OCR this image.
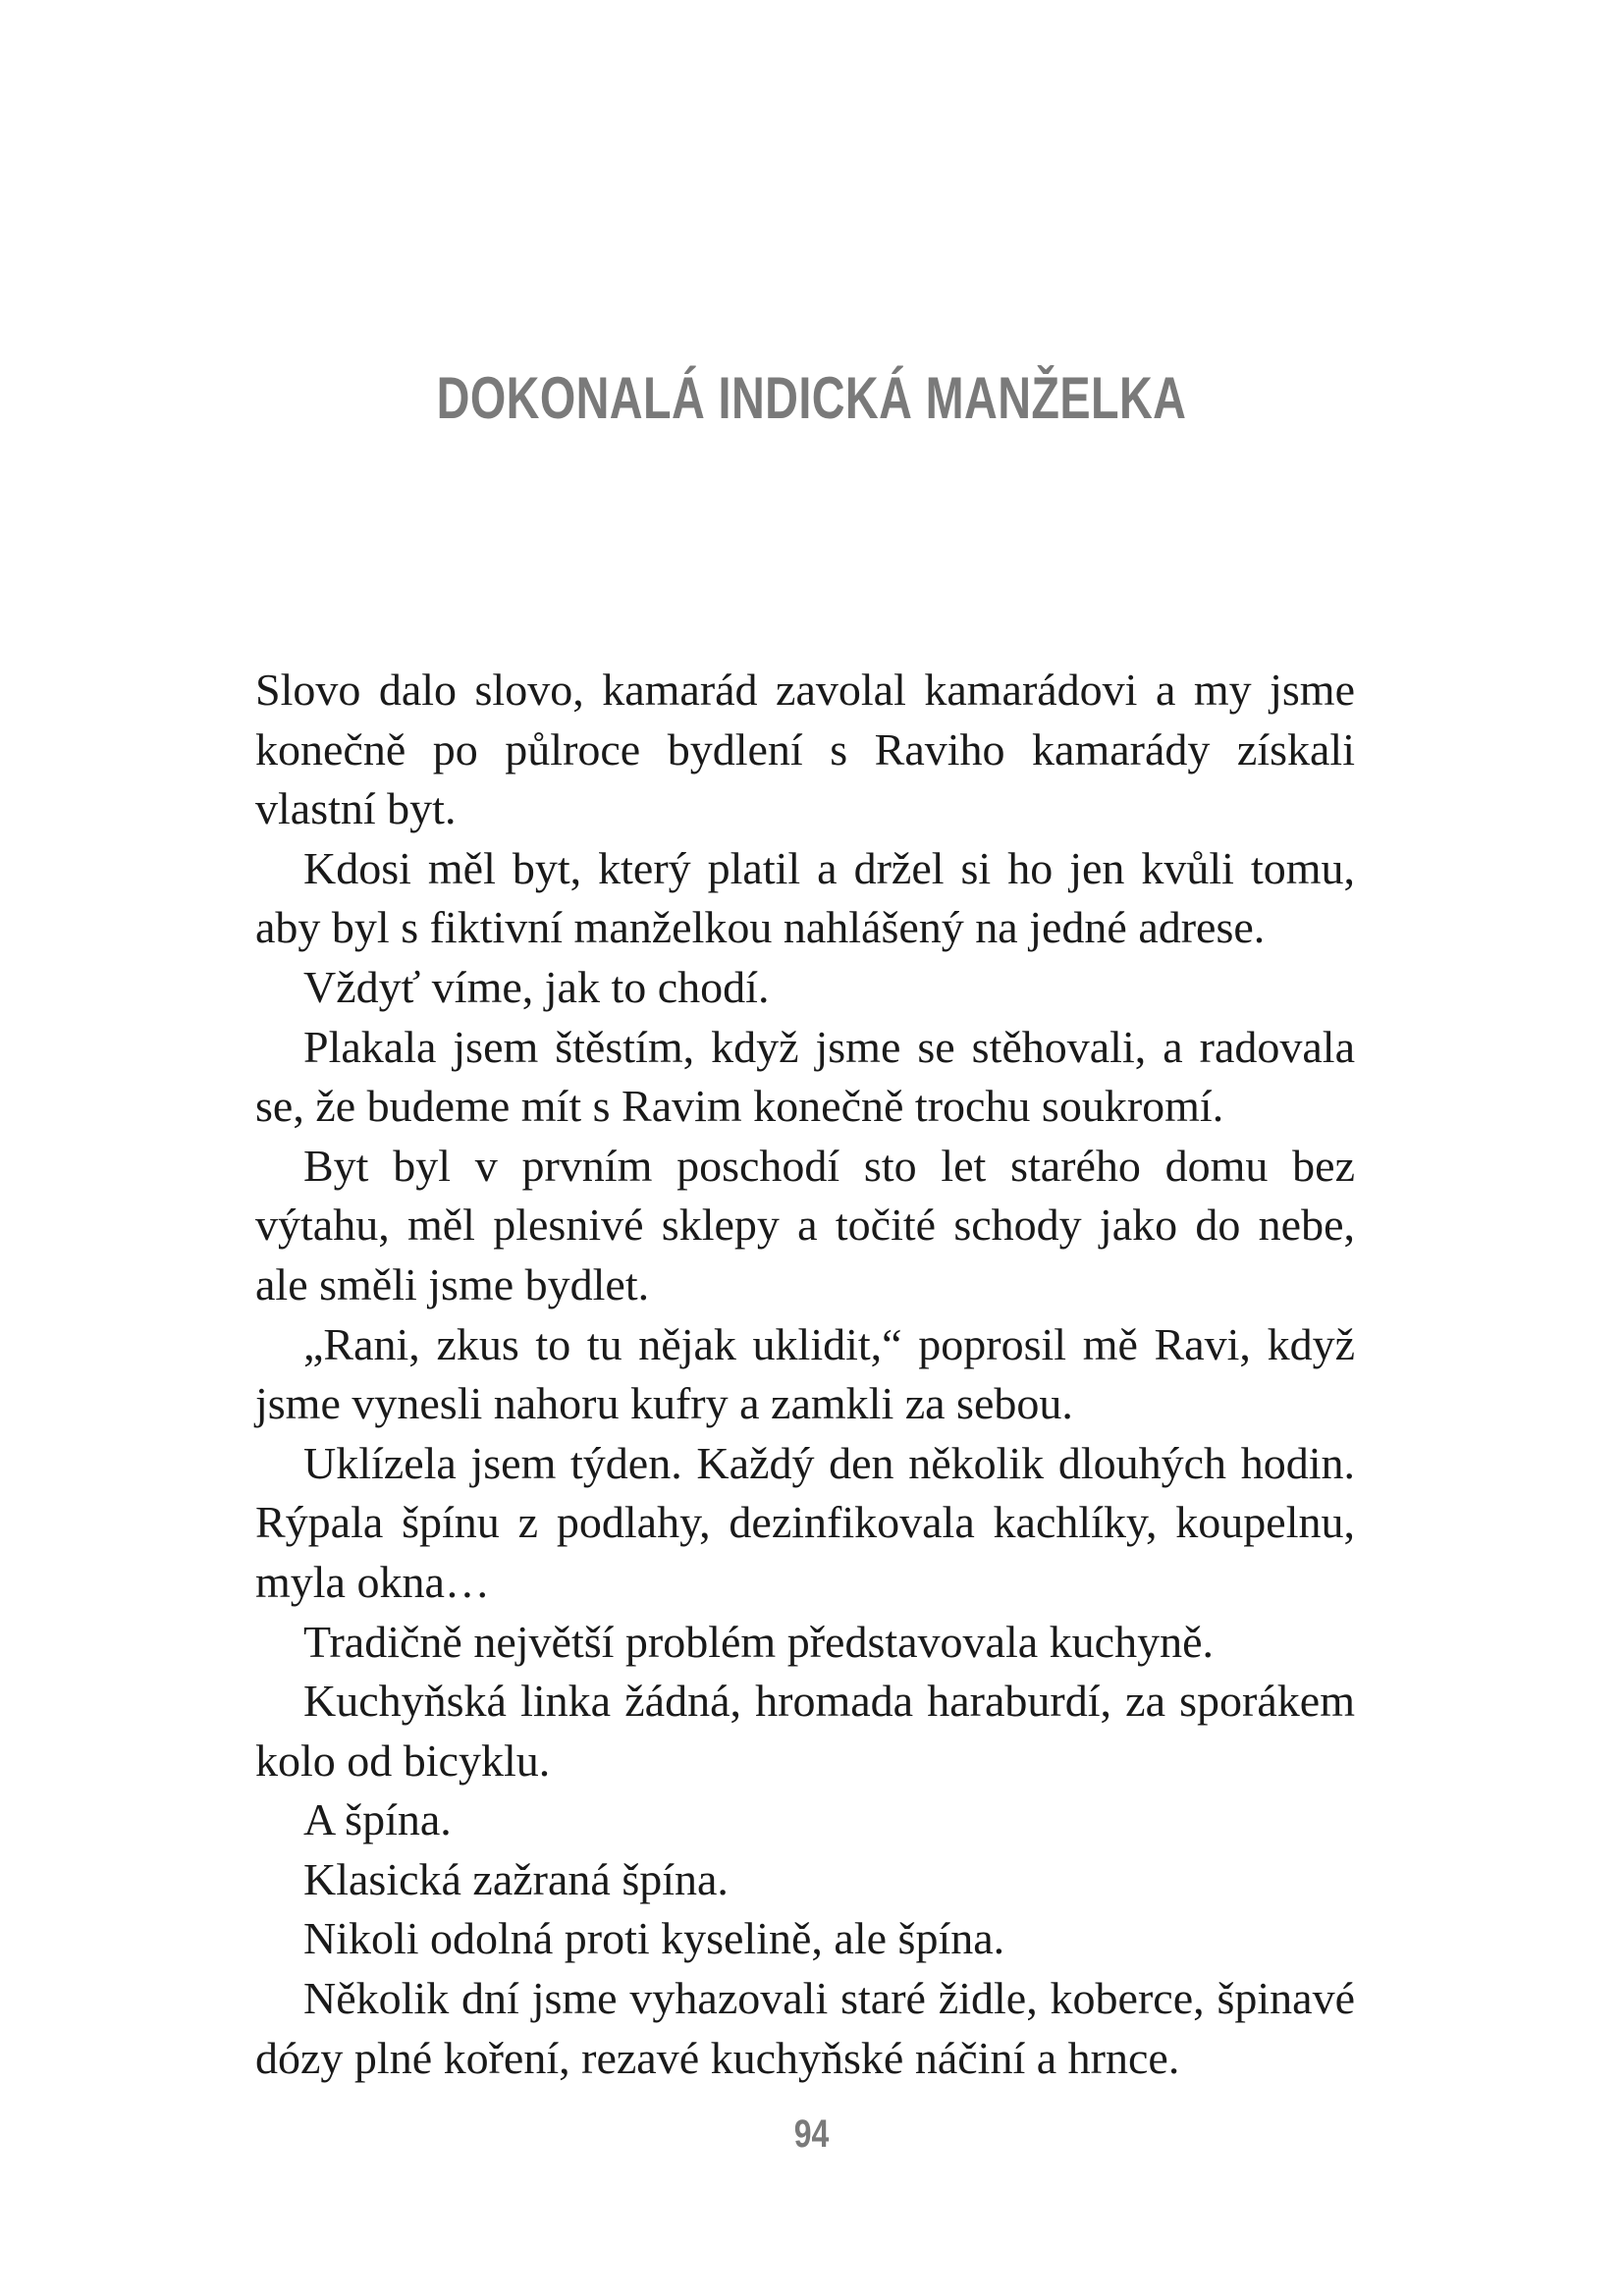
DOKONALÁ INDICKÁ MANŽELKA

Slovo dalo slovo, kamarád zavolal kamarádovi a my jsme konečně po půlroce bydlení s Raviho kamarády získali vlastní byt.

Kdosi měl byt, který platil a držel si ho jen kvůli tomu, aby byl s fiktivní manželkou nahlášený na jedné adrese.

Vždyť víme, jak to chodí.

Plakala jsem štěstím, když jsme se stěhovali, a radovala se, že budeme mít s Ravim konečně trochu soukromí.

Byt byl v prvním poschodí sto let starého domu bez výtahu, měl plesnivé sklepy a točité schody jako do nebe, ale směli jsme bydlet.

„Rani, zkus to tu nějak uklidit,“ poprosil mě Ravi, když jsme vynesli nahoru kufry a zamkli za sebou.

Uklízela jsem týden. Každý den několik dlouhých hodin. Rýpala špínu z podlahy, dezinfikovala kachlíky, koupelnu, myla okna…

Tradičně největší problém představovala kuchyně.

Kuchyňská linka žádná, hromada haraburdí, za sporákem kolo od bicyklu.

A špína.

Klasická zažraná špína.

Nikoli odolná proti kyselině, ale špína.

Několik dní jsme vyhazovali staré židle, koberce, špinavé dózy plné koření, rezavé kuchyňské náčiní a hrnce.

94
